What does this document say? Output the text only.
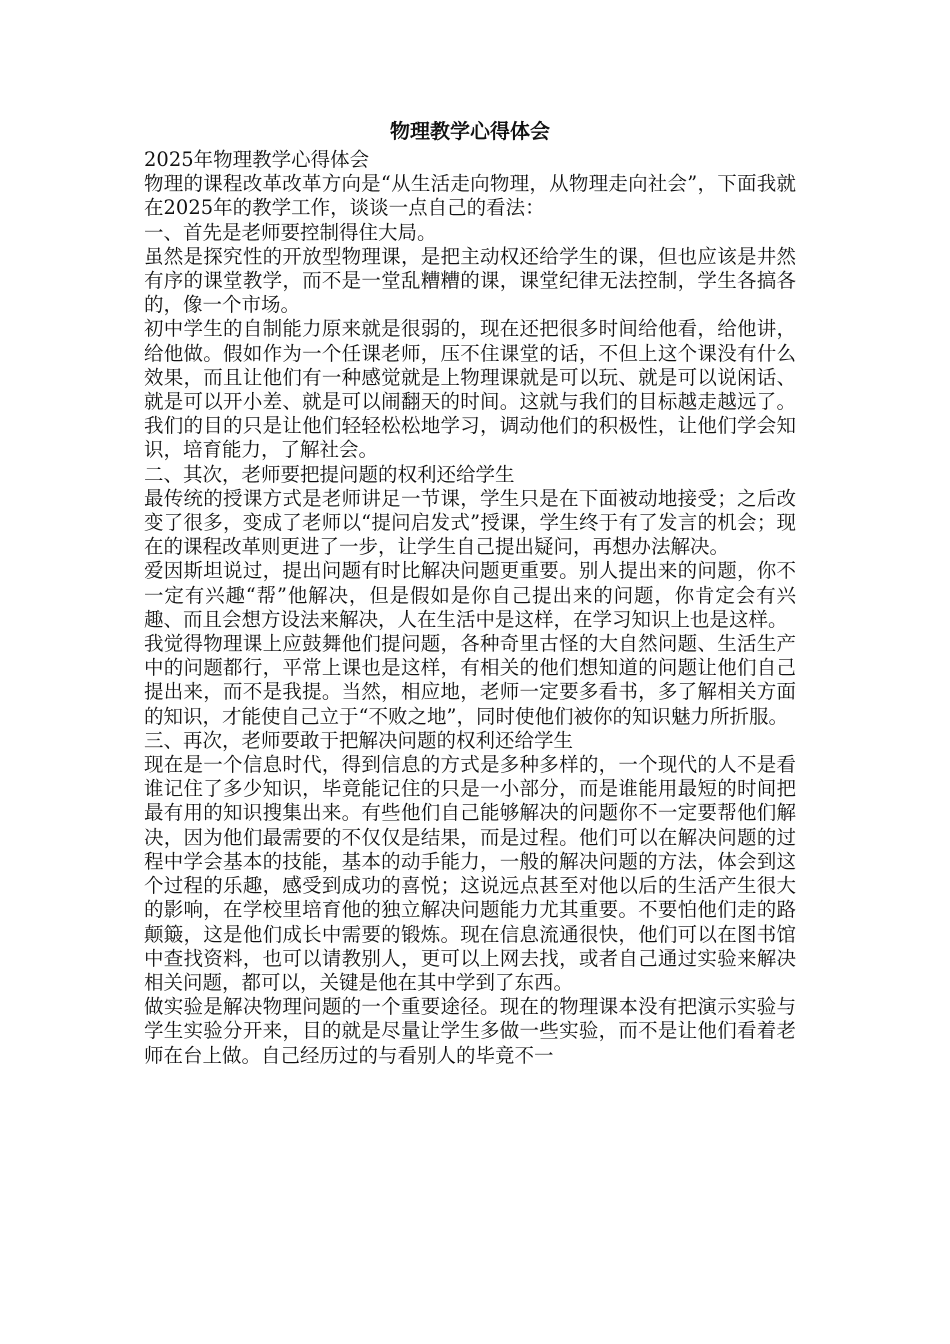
物理教学心得体会

2025年物理教学心得体会

物理的课程改革改革方向是“从生活走向物理，从物理走向社会”，下面我就在2025年的教学工作，谈谈一点自己的看法：

一、首先是老师要控制得住大局。

虽然是探究性的开放型物理课，是把主动权还给学生的课，但也应该是井然有序的课堂教学，而不是一堂乱糟糟的课，课堂纪律无法控制，学生各搞各的，像一个市场。

初中学生的自制能力原来就是很弱的，现在还把很多时间给他看，给他讲，给他做。假如作为一个任课老师，压不住课堂的话，不但上这个课没有什么效果，而且让他们有一种感觉就是上物理课就是可以玩、就是可以说闲话、就是可以开小差、就是可以闹翻天的时间。这就与我们的目标越走越远了。我们的目的只是让他们轻轻松松地学习，调动他们的积极性，让他们学会知识，培育能力，了解社会。

二、其次，老师要把提问题的权利还给学生

最传统的授课方式是老师讲足一节课，学生只是在下面被动地接受；之后改变了很多，变成了老师以“提问启发式”授课，学生终于有了发言的机会；现在的课程改革则更进了一步，让学生自己提出疑问，再想办法解决。

爱因斯坦说过，提出问题有时比解决问题更重要。别人提出来的问题，你不一定有兴趣“帮”他解决，但是假如是你自己提出来的问题，你肯定会有兴趣、而且会想方设法来解决，人在生活中是这样，在学习知识上也是这样。

我觉得物理课上应鼓舞他们提问题，各种奇里古怪的大自然问题、生活生产中的问题都行，平常上课也是这样，有相关的他们想知道的问题让他们自己提出来，而不是我提。当然，相应地，老师一定要多看书，多了解相关方面的知识，才能使自己立于“不败之地”，同时使他们被你的知识魅力所折服。

三、再次，老师要敢于把解决问题的权利还给学生

现在是一个信息时代，得到信息的方式是多种多样的，一个现代的人不是看谁记住了多少知识，毕竟能记住的只是一小部分，而是谁能用最短的时间把最有用的知识搜集出来。有些他们自己能够解决的问题你不一定要帮他们解决，因为他们最需要的不仅仅是结果，而是过程。他们可以在解决问题的过程中学会基本的技能，基本的动手能力，一般的解决问题的方法，体会到这个过程的乐趣，感受到成功的喜悦；这说远点甚至对他以后的生活产生很大的影响，在学校里培育他的独立解决问题能力尤其重要。不要怕他们走的路颠簸，这是他们成长中需要的锻炼。现在信息流通很快，他们可以在图书馆中查找资料，也可以请教别人，更可以上网去找，或者自己通过实验来解决相关问题，都可以，关键是他在其中学到了东西。

做实验是解决物理问题的一个重要途径。现在的物理课本没有把演示实验与学生实验分开来，目的就是尽量让学生多做一些实验，而不是让他们看着老师在台上做。自己经历过的与看别人的毕竟不一
